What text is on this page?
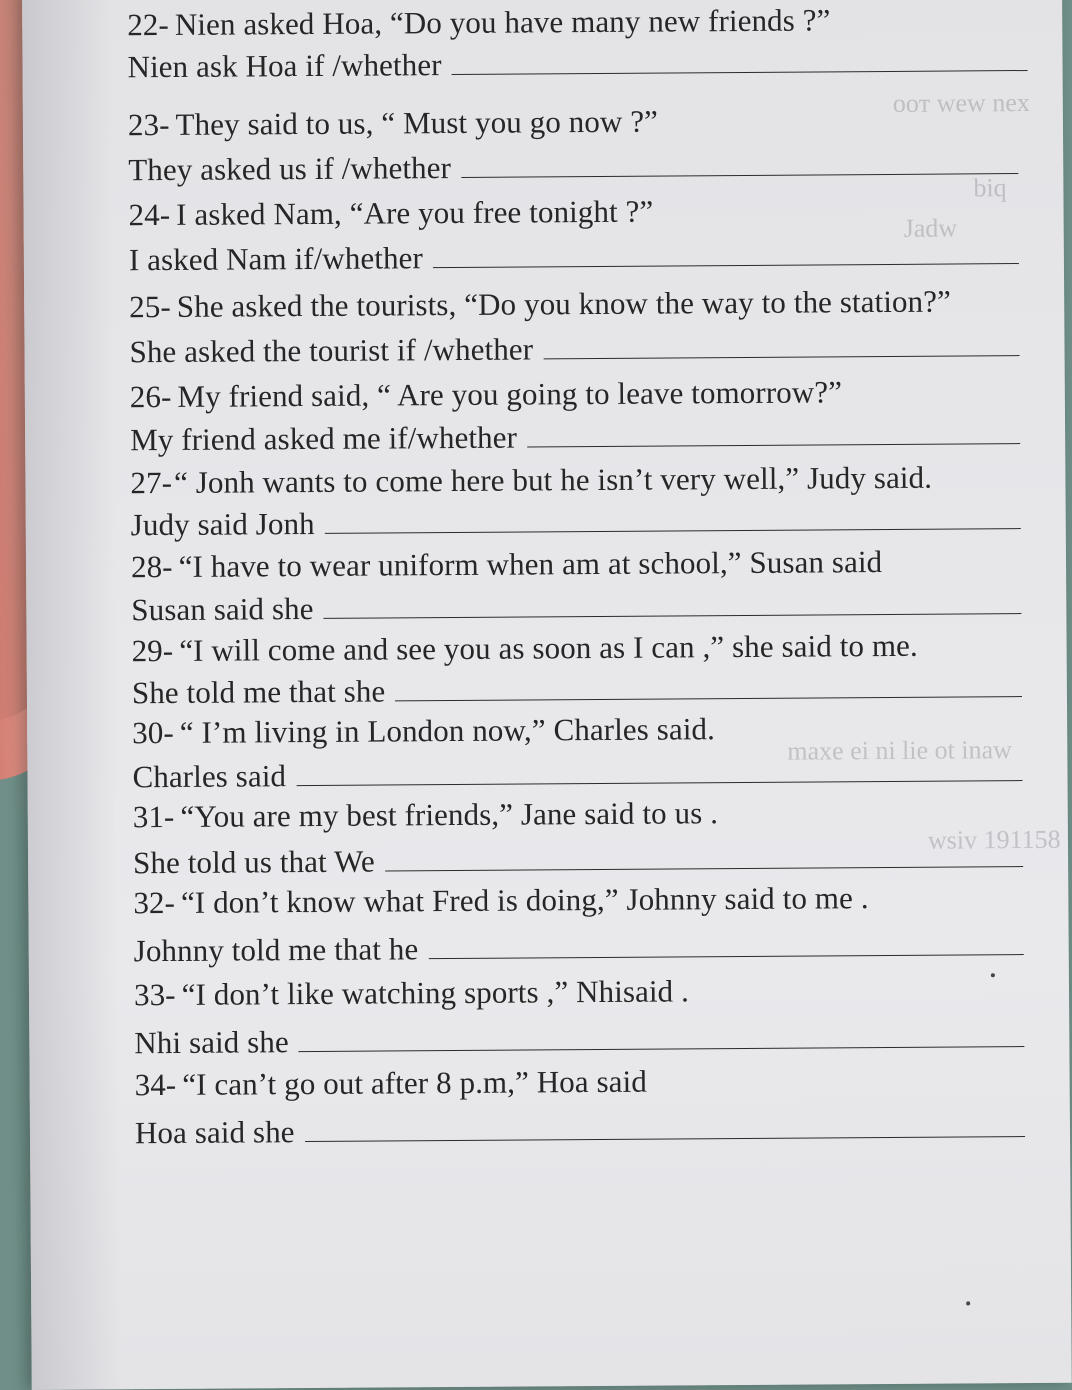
ooт wew nex
biq
Jadw
maxe ei ni lie ot inaw
wsiv 191158
22- Nien asked Hoa, “Do you have many new friends ?”
Nien ask Hoa if /whether
23- They said to us, “ Must you go now ?”
They asked us if /whether
24- I asked Nam, “Are you free tonight ?”
I asked Nam if/whether
25- She asked the tourists, “Do you know the way to the station?”
She asked the tourist if /whether
26- My friend said, “ Are you going to leave tomorrow?”
My friend asked me if/whether
27- “ Jonh wants to come here but he isn’t very well,” Judy said.
Judy said Jonh
28- “I have to wear uniform when am at school,” Susan said
Susan said she
29- “I will come and see you as soon as I can ,” she said to me.
She told me that she
30- “ I’m living in London now,” Charles said.
Charles said
31- “You are my best friends,” Jane said to us .
She told us that We
32- “I don’t know what Fred is doing,” Johnny said to me .
Johnny told me that he
33- “I don’t like watching sports ,” Nhisaid .
Nhi said she
34- “I can’t go out after 8 p.m,” Hoa said
Hoa said she
